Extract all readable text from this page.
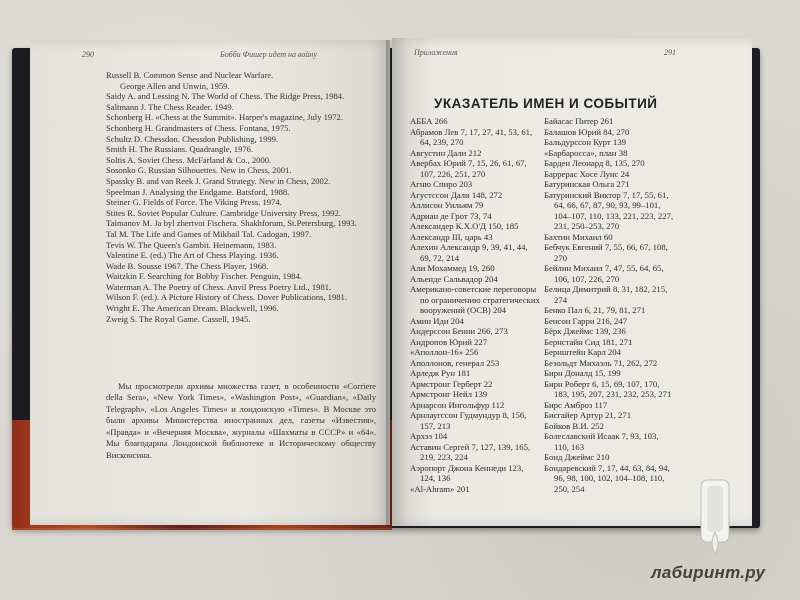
290	Бобби Фишер идет на войну

Russell B. Common Sense and Nuclear Warfare.
George Allen and Unwin, 1959.

Saidy A. and Lessing N. The World of Chess. The Ridge Press, 1984.

Saltmann J. The Chess Reader. 1949.

Schonberg H. «Chess at the Summit». Harper's magazine, July 1972.

Schonberg H. Grandmasters of Chess. Fontana, 1975.

Schultz D. Chessdon. Chessdon Publishing, 1999.

Smith H. The Russians. Quadrangle, 1976.

Soltis A. Soviet Chess. McFarland & Co., 2000.

Sosonko G. Russian Silhouettes. New in Chess, 2001.

Spassky B. and van Reek J. Grand Strategy. New in Chess, 2002.

Speelman J. Analysing the Endgame. Batsford, 1988.

Steiner G. Fields of Force. The Viking Press, 1974.

Stites R. Soviet Popular Culture. Cambridge University Press, 1992.

Taimanov M. Ja byl zhertvoi Fischera. Shakhforum, St.Petersburg, 1993.

Tal M. The Life and Games of Mikhail Tal. Cadogan, 1997.

Tevis W. The Queen's Gambit. Heinemann, 1983.

Valentine E. (ed.) The Art of Chess Playing. 1936.

Wade B. Sousse 1967. The Chess Player, 1968.

Waitzkin F. Searching for Bobby Fischer. Penguin, 1984.

Waterman A. The Poetry of Chess. Anvil Press Poetry Ltd., 1981.

Wilson F. (ed.). A Picture History of Chess. Dover Publications, 1981.

Wright E. The American Dream. Blackwell, 1996.

Zweig S. The Royal Game. Cassell, 1945.

Мы просмотрели архивы множества газет, в особенности «Corriere della Sera», «New York Times», «Washington Post», «Guardian», «Daily Telegraph», «Los Angeles Times» и лондонскую «Times». В Москве это были архивы Министерства иностранных дел, газеты «Известия», «Правда» и «Вечерняя Москва», журналы «Шахматы в СССР» и «64». Мы благодарны Лондонской библиотеке и Историческому обществу Висконсина.

Приложения	291
УКАЗАТЕЛЬ ИМЕН И СОБЫТИЙ
АББА 266
Абрамов Лев 7, 17, 27, 41, 53, 61, 64, 239, 270
Августин Дали 212
Авербах Юрий 7, 15, 26, 61, 67, 107, 226, 251, 270
Агню Спиро 203
Агустссон Дали 148, 272
Аллисон Уильям 79
Адриан де Грот 73, 74
Александер К.Х.О'Д 150, 185
Александр III, царь 43
Алехин Александр 9, 39, 41, 44, 69, 72, 214
Али Мохаммед 19, 260
Альенде Сальвадор 204
Американо-советские переговоры по ограничению стратегических вооружений (ОСВ) 204
Амин Иди 204
Андерссон Бенни 266, 273
Андропов Юрий 227
«Аполлон-16» 256
Аполлонов, генерал 253
Арледж Рун 181
Армстронг Герберт 22
Армстронг Нейл 139
Арнарсон Ингольфур 112
Арнлаугссон Гудмундур 8, 156, 157, 213
Архэз 104
Аставин Сергей 7, 127, 139, 165, 219, 223, 224
Аэропорт Джона Кеннеди 123, 124, 136
«Al-Ahram» 201
Байасас Питер 261
Балашов Юрий 84, 270
Бальдурссон Курт 139
«Барбаросса», план 38
Барден Леонард 8, 135, 270
Баррерас Хосе Луис 24
Батуринская Ольга 271
Батуринский Виктор 7, 17, 55, 61, 64, 66, 67, 87, 90, 93, 99–101, 104–107, 110, 133, 221, 223, 227, 231, 250–253, 270
Бахтин Михаил 60
Бебчук Евгений 7, 55, 66, 67, 108, 270
Бейлин Михаил 7, 47, 55, 64, 65, 106, 107, 226, 270
Белица Димитрий 8, 31, 182, 215, 274
Бенко Пал 6, 21, 79, 81, 271
Бенсон Гарри 216, 247
Бёрк Джеймс 139, 236
Бернстайн Сид 181, 271
Бернштейн Карл 204
Безольдт Михаэль 71, 262, 272
Бирн Доналд 15, 199
Бирн Роберт 6, 15, 69, 107, 170, 183, 195, 207, 231, 232, 253, 271
Бирс Амброз 117
Бисгайер Артур 21, 271
Бойков В.И. 252
Болеславский Исаак 7, 93, 103, 110, 163
Бонд Джеймс 210
Бондаревский 7, 17, 44, 63, 84, 94, 96, 98, 100, 102, 104–108, 110, 250, 254
лабиринт.ру
